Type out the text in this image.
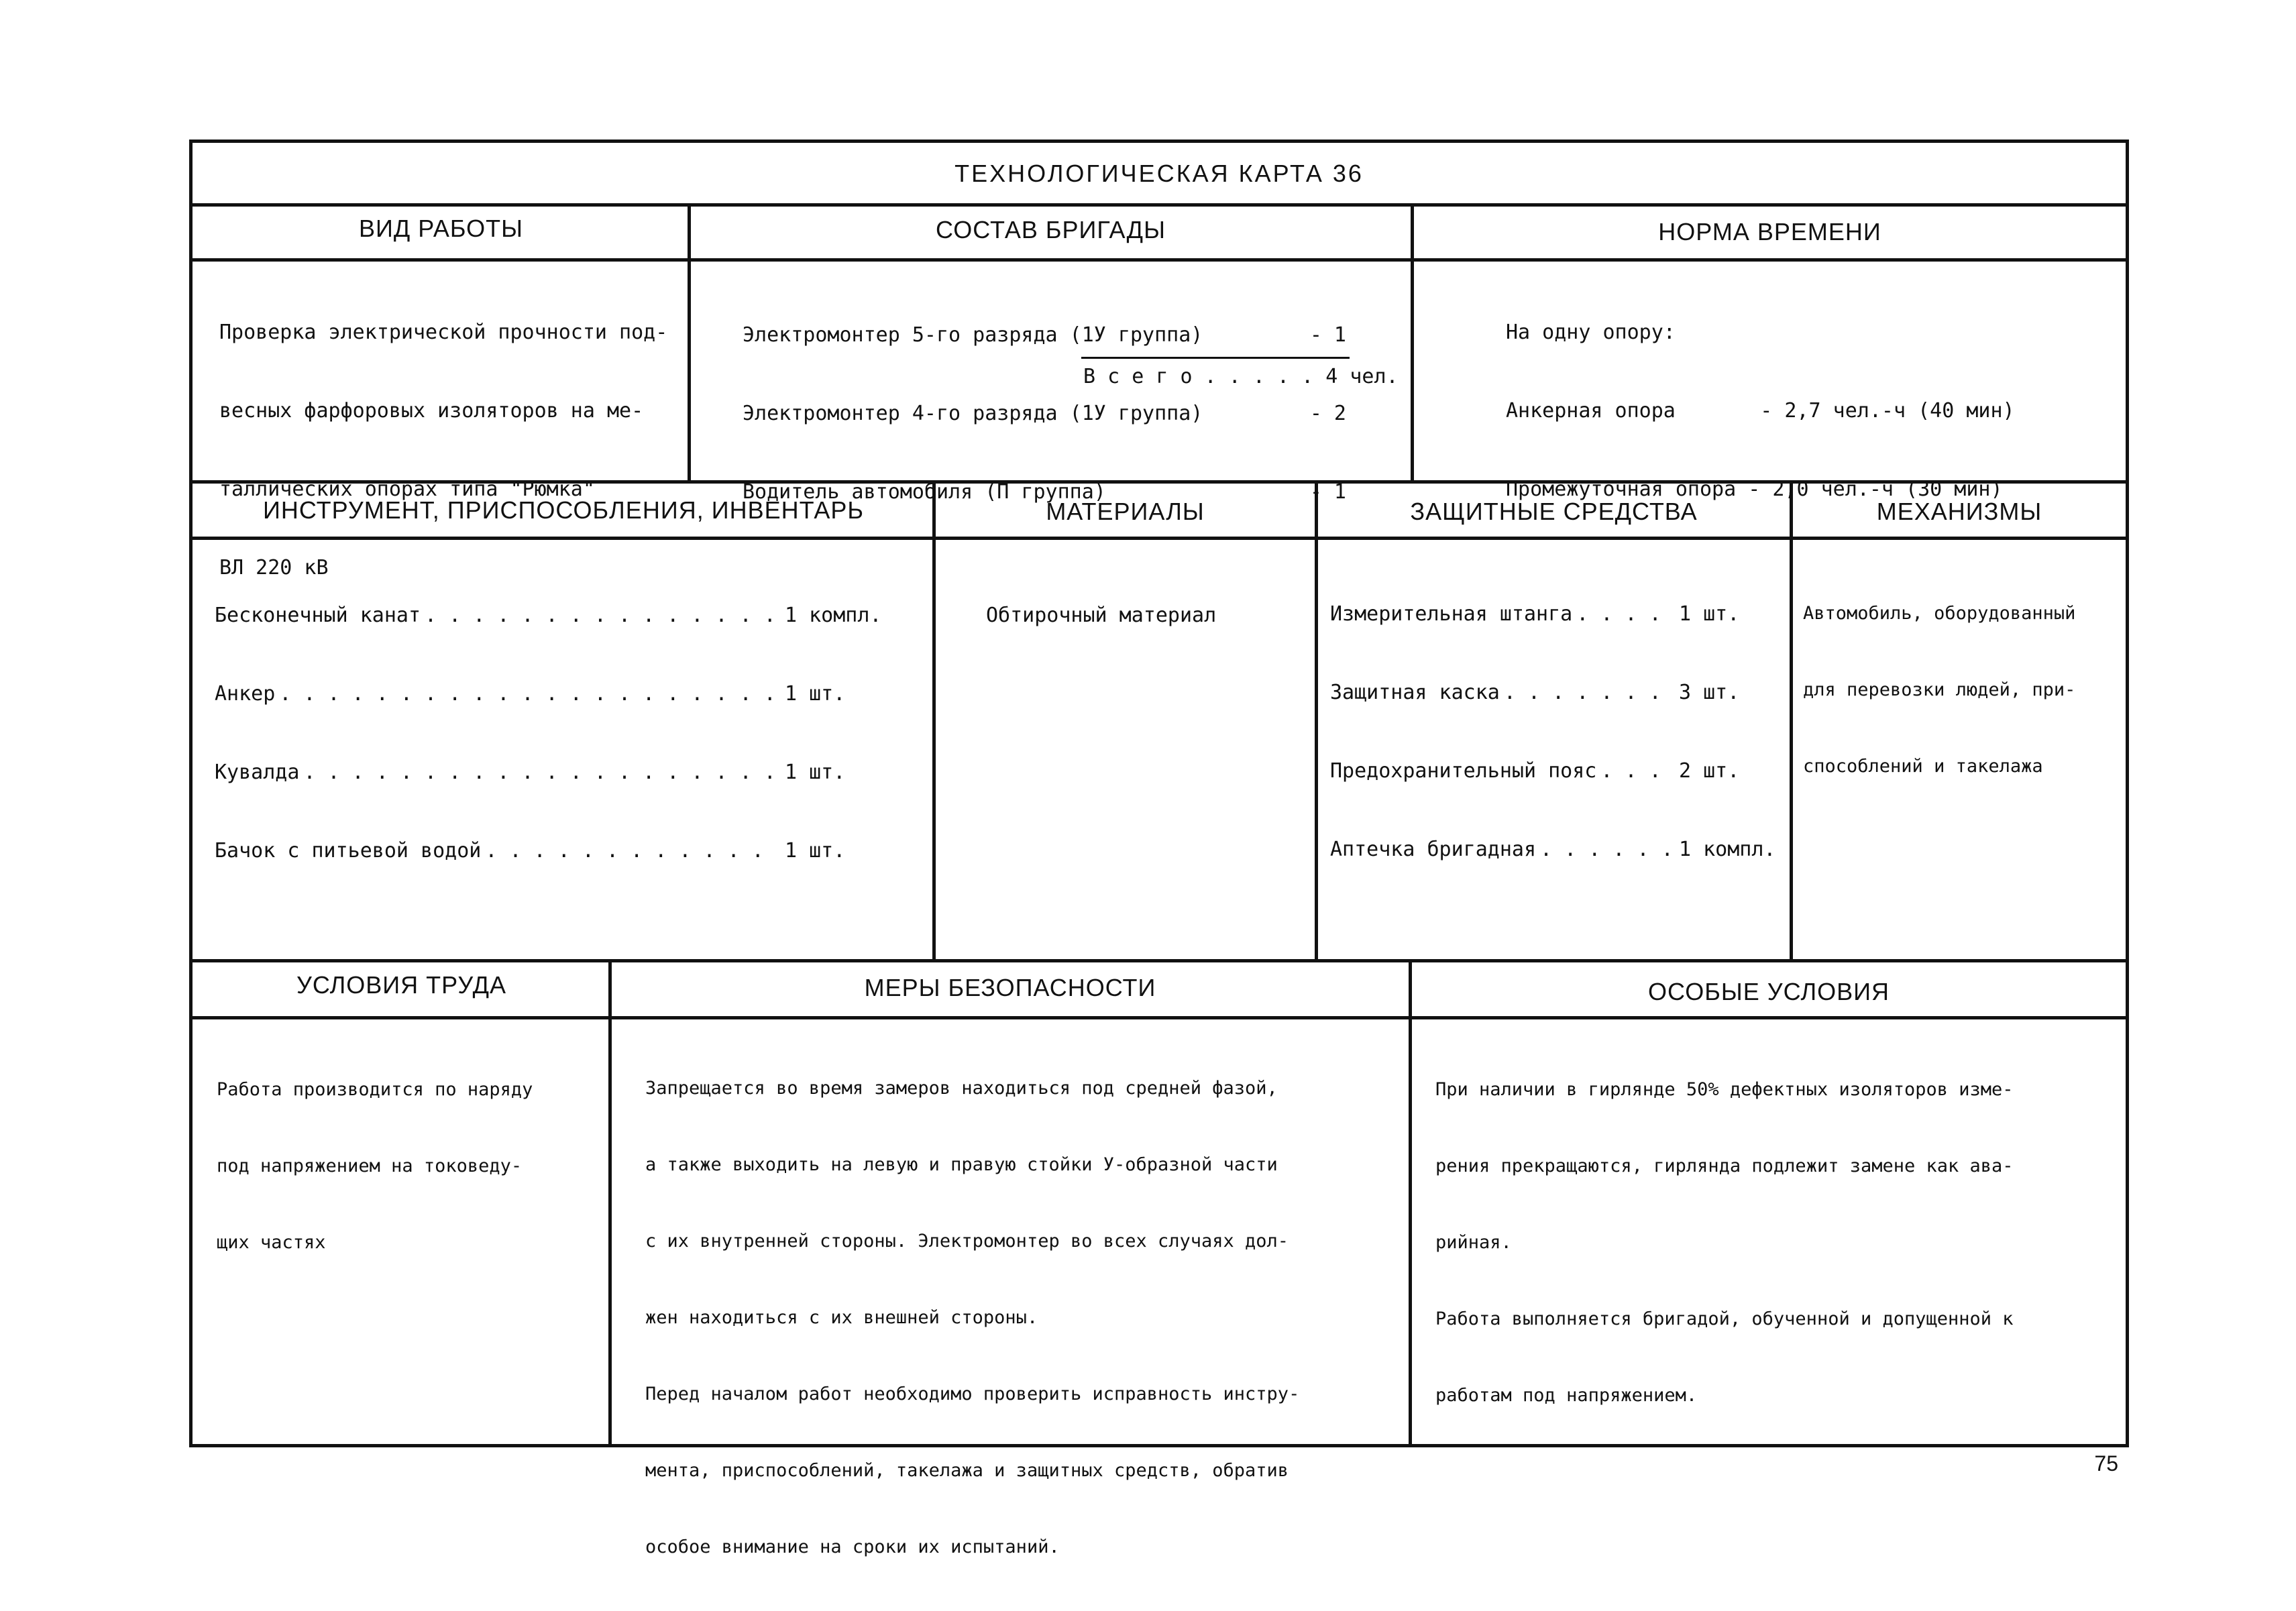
ТЕХНОЛОГИЧЕСКАЯ КАРТА 36
ВИД РАБОТЫ	СОСТАВ БРИГАДЫ	НОРМА ВРЕМЕНИ

Проверка электрической прочности под-

весных фарфоровых изоляторов на ме-

таллических опорах типа "Рюмка"

ВЛ 220 кВ

Электромонтер 5-го разряда (1У группа)	- 1

Электромонтер 4-го разряда (1У группа)	- 2

Водитель автомобиля (П группа)	- 1

В с е г о . . . . . 4 чел.

На одну опору:

Анкерная опора       - 2,7 чел.-ч (40 мин)

Промежуточная опора - 2,0 чел.-ч (30 мин)

ИНСТРУМЕНТ, ПРИСПОСОБЛЕНИЯ, ИНВЕНТАРЬ	МАТЕРИАЛЫ	ЗАЩИТНЫЕ СРЕДСТВА	МЕХАНИЗМЫ

Бесконечный канат . . .	1 компл.

Анкер . . .	1 шт.

Кувалда . . .	1 шт.

Бачок с питьевой водой . . .	1 шт.

Обтирочный материал

	Измерительная штанга . . .	1 шт.

Защитная каска . . .	3 шт.

Предохранительный пояс . . .	2 шт.

Аптечка бригадная . . .	1 компл.

Автомобиль, оборудованный

для перевозки людей, при-

способлений и такелажа

УСЛОВИЯ ТРУДА	МЕРЫ БЕЗОПАСНОСТИ	ОСОБЫЕ УСЛОВИЯ

Работа производится по наряду

под напряжением на токоведу-

щих частях

Запрещается во время замеров находиться под средней фазой,

а также выходить на левую и правую стойки У-образной части

с их внутренней стороны. Электромонтер во всех случаях дол-

жен находиться с их внешней стороны.

Перед началом работ необходимо проверить исправность инстру-

мента, приспособлений, такелажа и защитных средств, обратив

особое внимание на сроки их испытаний.

При наличии в гирлянде 50% дефектных изоляторов изме-

рения прекращаются, гирлянда подлежит замене как ава-

рийная.

Работа выполняется бригадой, обученной и допущенной к

работам под напряжением.

75
